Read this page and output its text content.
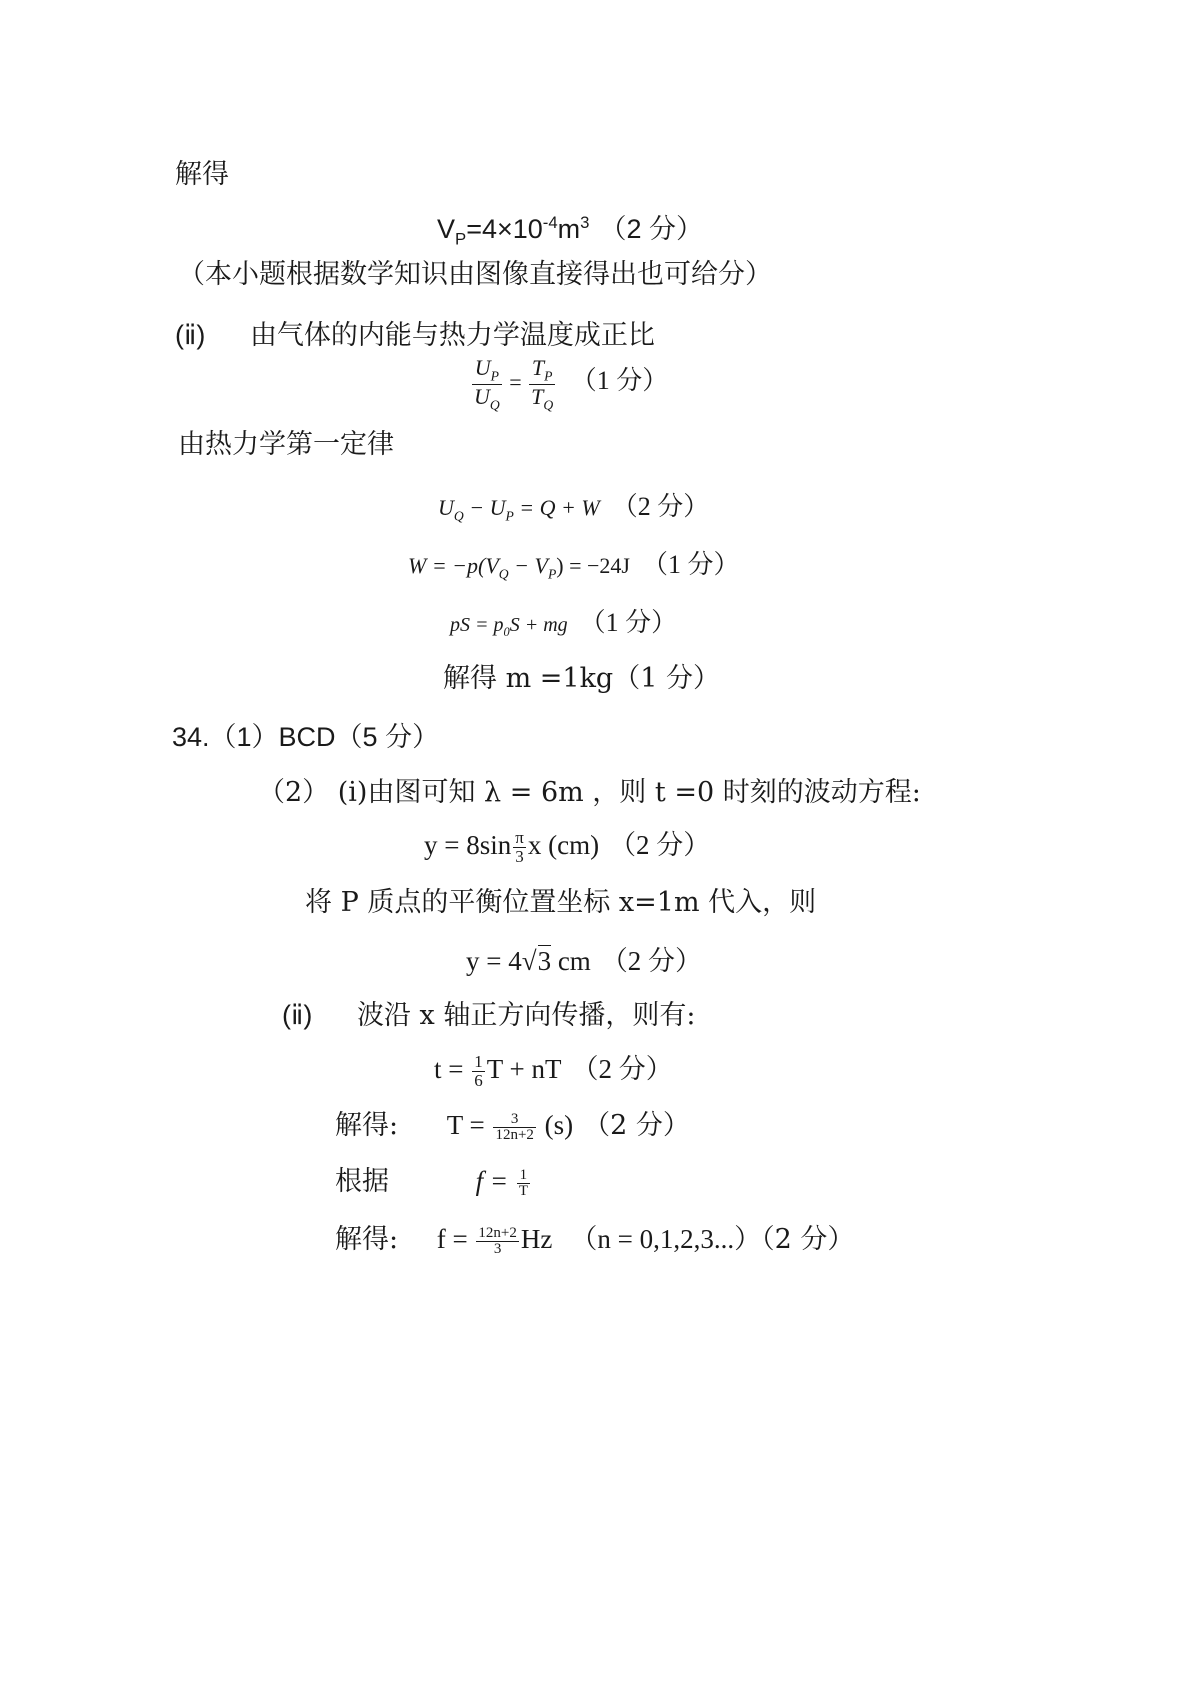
解得
$V_P=4\times 10^{-4}m^3$ （2 分）
（本小题根据数学知识由图像直接得出也可给分）
(ⅱ) 由气体的内能与热力学温度成正比
$\frac{U_P}{U_Q} = \frac{T_P}{T_Q} (1$ 分）
由热力学第一定律
$U_Q - U_P = Q + W$ （2 分）
$W = -p(V_Q - V_P) = -24J$ （1 分）
pS = $p_0S$ + mg （1 分）
解得 m =1kg（1 分）
34.（1）BCD（5 分）
（2） (ⅰ)由图可知 λ = 6m ，则 t =0 时刻的波动方程:
$y = 8\sin \frac{\pi}{3}$ x (cm) （2 分）
将 P 质点的平衡位置坐标 x=1m 代入，则
y = 4√3 cm （2 分）
(ⅱ) 波沿 x 轴正方向传播，则有:
$t = \frac{1}{6}$ T + nT （2 分）
解得: $T = \frac{3}{12n+2} (s)$ （2 分）
根据	$f = \frac{1}{T}$
解得: $f = \frac{12n+2}{3}$ Hz （n = 0,1,2,3...）（2 分）
